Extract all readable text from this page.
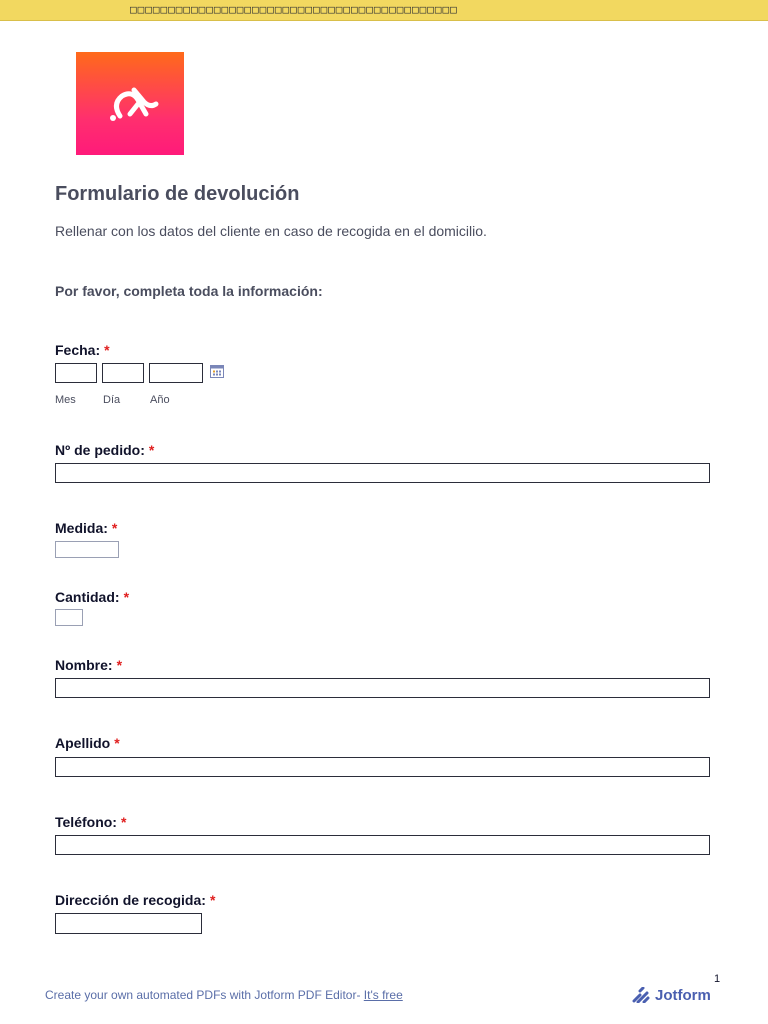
□□□□□□□□□□□□□□□□□□□□□□□□□□□□□□□□□□□□□□□□□□□
Formulario de devolución
Rellenar con los datos del cliente en caso de recogida en el domicilio.
Por favor, completa toda la información:
Fecha: *
Mes Día	Año
Nº de pedido: *
Medida: *
Cantidad: *
Nombre: *
Apellido *
Teléfono: *
Dirección de recogida: *
1
Create your own automated PDFs with Jotform PDF Editor- It's free	Jotform
